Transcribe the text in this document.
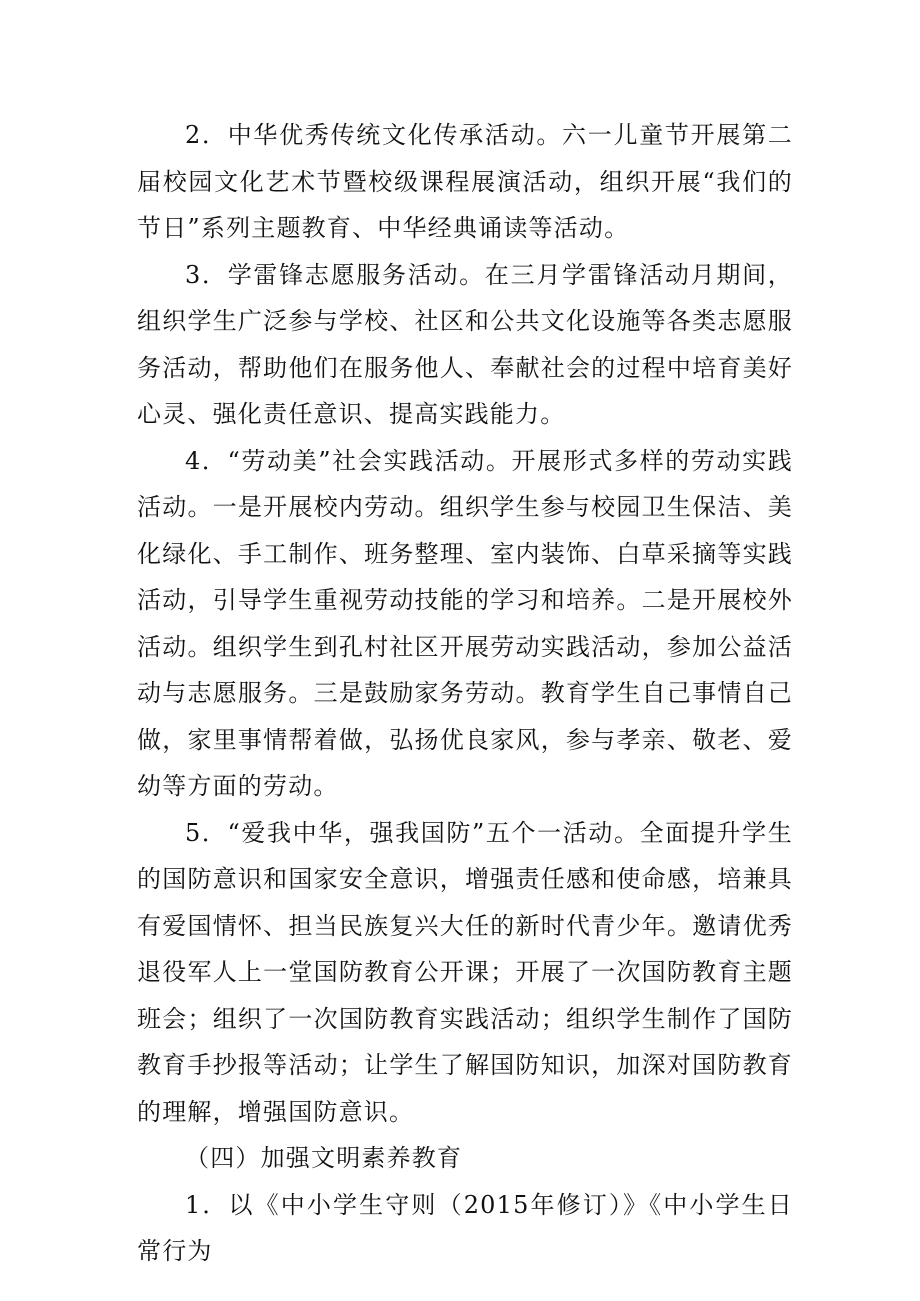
2．中华优秀传统文化传承活动。六一儿童节开展第二届校园文化艺术节暨校级课程展演活动，组织开展“我们的节日”系列主题教育、中华经典诵读等活动。

3．学雷锋志愿服务活动。在三月学雷锋活动月期间，组织学生广泛参与学校、社区和公共文化设施等各类志愿服务活动，帮助他们在服务他人、奉献社会的过程中培育美好心灵、强化责任意识、提高实践能力。

4．“劳动美”社会实践活动。开展形式多样的劳动实践活动。一是开展校内劳动。组织学生参与校园卫生保洁、美化绿化、手工制作、班务整理、室内装饰、白草采摘等实践活动，引导学生重视劳动技能的学习和培养。二是开展校外活动。组织学生到孔村社区开展劳动实践活动，参加公益活动与志愿服务。三是鼓励家务劳动。教育学生自己事情自己做，家里事情帮着做，弘扬优良家风，参与孝亲、敬老、爱幼等方面的劳动。

5．“爱我中华，强我国防”五个一活动。全面提升学生的国防意识和国家安全意识，增强责任感和使命感，培兼具有爱国情怀、担当民族复兴大任的新时代青少年。邀请优秀退役军人上一堂国防教育公开课；开展了一次国防教育主题班会；组织了一次国防教育实践活动；组织学生制作了国防教育手抄报等活动；让学生了解国防知识，加深对国防教育的理解，增强国防意识。

（四）加强文明素养教育

1．以《中小学生守则（2015年修订）》《中小学生日常行为
